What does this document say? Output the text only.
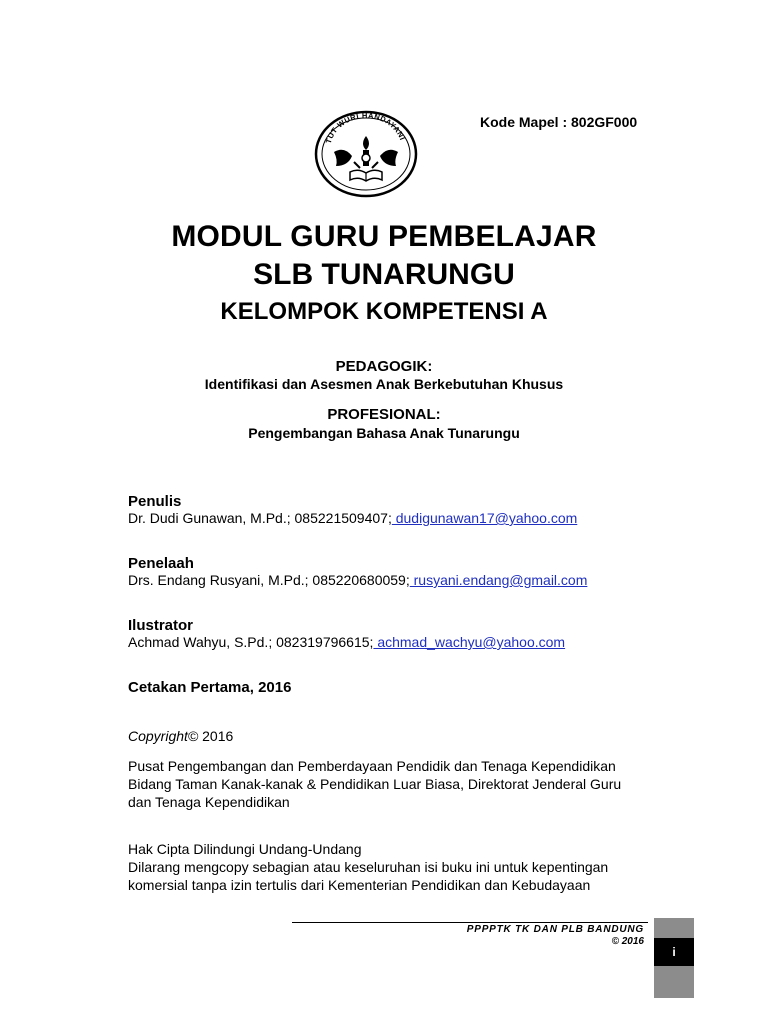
Kode Mapel : 802GF000
TUT WURI HANDAYANI
MODUL GURU PEMBELAJAR
SLB TUNARUNGU
KELOMPOK KOMPETENSI A
PEDAGOGIK:
Identifikasi dan Asesmen Anak Berkebutuhan Khusus
PROFESIONAL:
Pengembangan Bahasa Anak Tunarungu
Penulis
Dr. Dudi Gunawan, M.Pd.; 085221509407; dudigunawan17@yahoo.com
Penelaah
Drs. Endang Rusyani, M.Pd.; 085220680059; rusyani.endang@gmail.com
Ilustrator
Achmad Wahyu, S.Pd.; 082319796615; achmad_wachyu@yahoo.com
Cetakan Pertama, 2016
Copyright© 2016
Pusat Pengembangan dan Pemberdayaan Pendidik dan Tenaga Kependidikan
Bidang Taman Kanak-kanak & Pendidikan Luar Biasa, Direktorat Jenderal Guru
dan Tenaga Kependidikan
Hak Cipta Dilindungi Undang-Undang
Dilarang mengcopy sebagian atau keseluruhan isi buku ini untuk kepentingan
komersial tanpa izin tertulis dari Kementerian Pendidikan dan Kebudayaan
PPPPTK TK DAN PLB BANDUNG
© 2016
i
